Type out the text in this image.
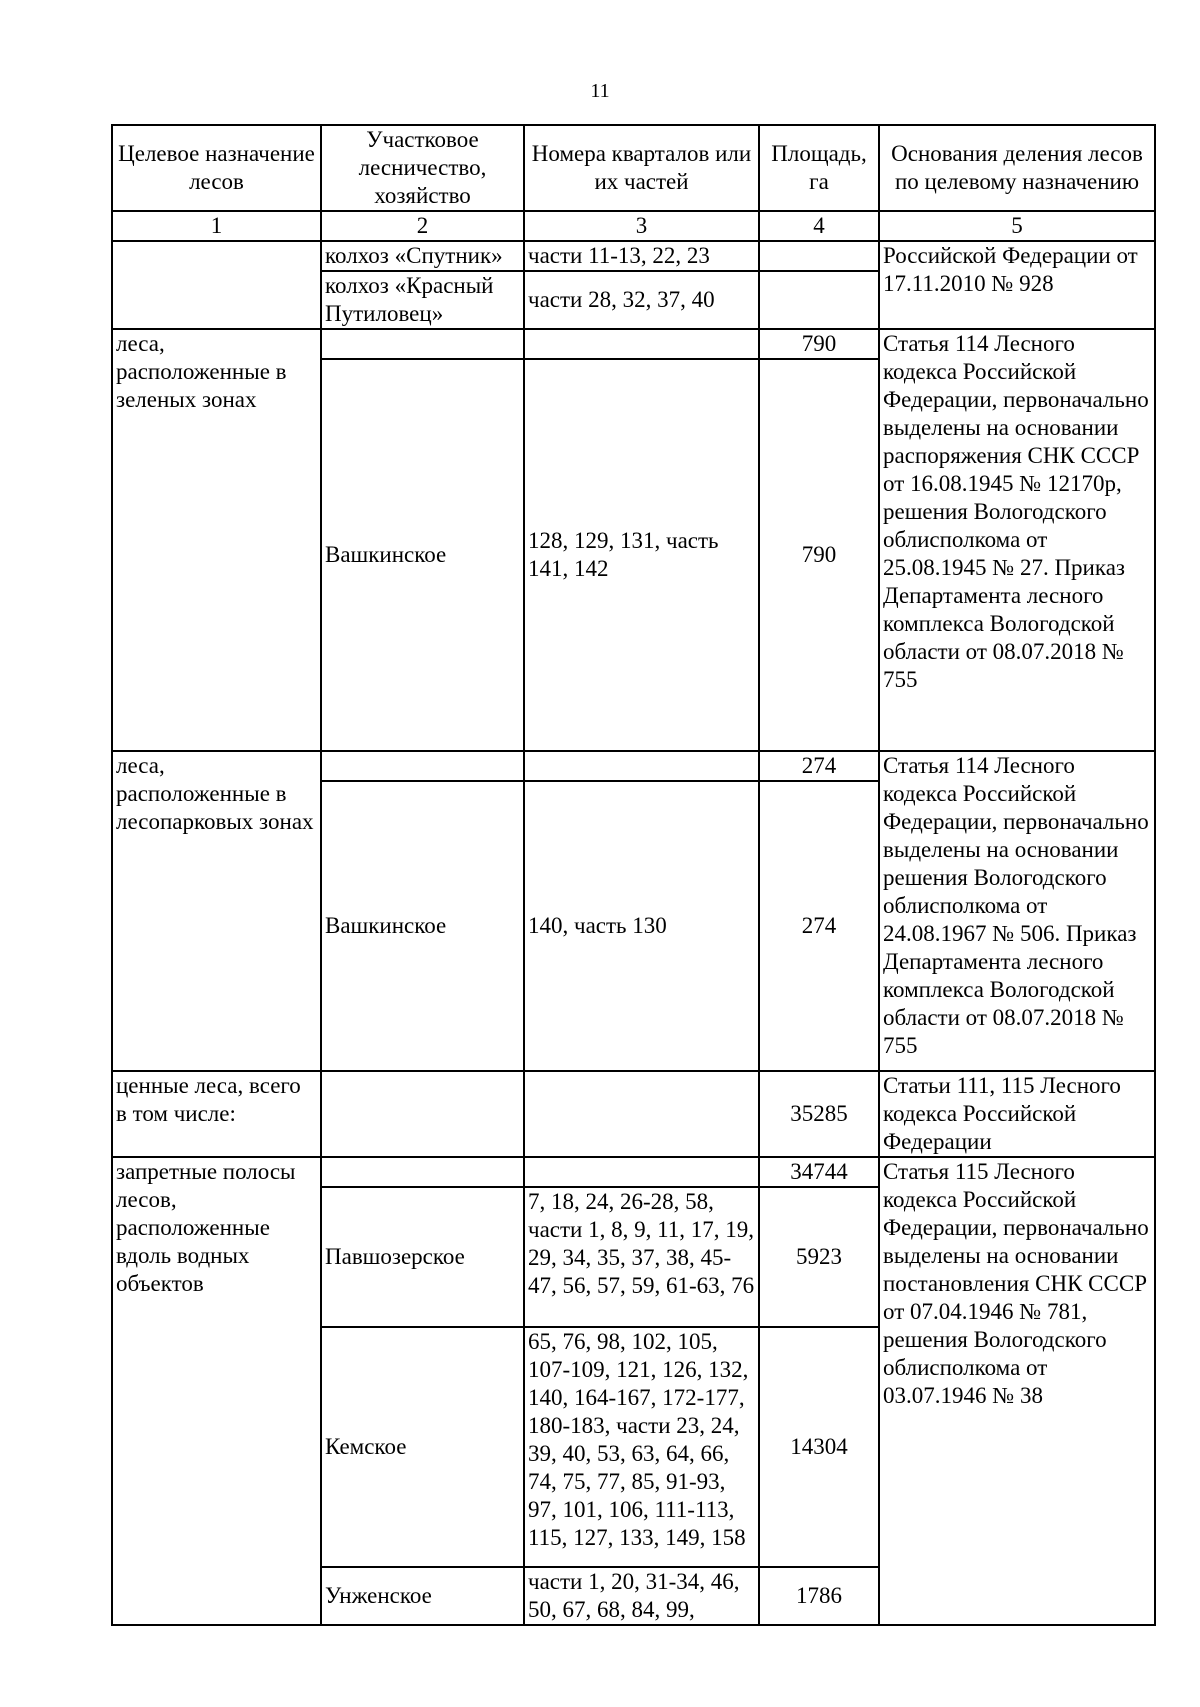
11
Целевое назначение лесов	Участковое лесничество, хозяйство	Номера кварталов или их частей	Площадь, га	Основания деления лесов по целевому назначению
1	2	3	4	5
	колхоз «Спутник»	части 11-13, 22, 23		Российской Федерации от 17.11.2010 № 928
	колхоз «Красный Путиловец»	части 28, 32, 37, 40		
леса, расположенные в зеленых зонах			790	Статья 114 Лесного кодекса Российской Федерации, первоначально выделены на основании распоряжения СНК СССР от 16.08.1945 № 12170р, решения Вологодского облисполкома от 25.08.1945 № 27. Приказ Департамента лесного комплекса Вологодской области от 08.07.2018 № 755
	Вашкинское	128, 129, 131, часть 141, 142	790	
леса, расположенные в лесопарковых зонах			274	Статья 114 Лесного кодекса Российской Федерации, первоначально выделены на основании решения Вологодского облисполкома от 24.08.1967 № 506. Приказ Департамента лесного комплекса Вологодской области от 08.07.2018 № 755
	Вашкинское	140, часть 130	274	
ценные леса, всего в том числе:			35285	Статьи 111, 115 Лесного кодекса Российской Федерации
запретные полосы лесов, расположенные вдоль водных объектов			34744	Статья 115 Лесного кодекса Российской Федерации, первоначально выделены на основании постановления СНК СССР от 07.04.1946 № 781, решения Вологодского облисполкома от 03.07.1946 № 38
	Павшозерское	7, 18, 24, 26-28, 58, части 1, 8, 9, 11, 17, 19, 29, 34, 35, 37, 38, 45-47, 56, 57, 59, 61-63, 76	5923	
	Кемское	65, 76, 98, 102, 105, 107-109, 121, 126, 132, 140, 164-167, 172-177, 180-183, части 23, 24, 39, 40, 53, 63, 64, 66, 74, 75, 77, 85, 91-93, 97, 101, 106, 111-113, 115, 127, 133, 149, 158	14304	
	Унженское	части 1, 20, 31-34, 46, 50, 67, 68, 84, 99,	1786	
